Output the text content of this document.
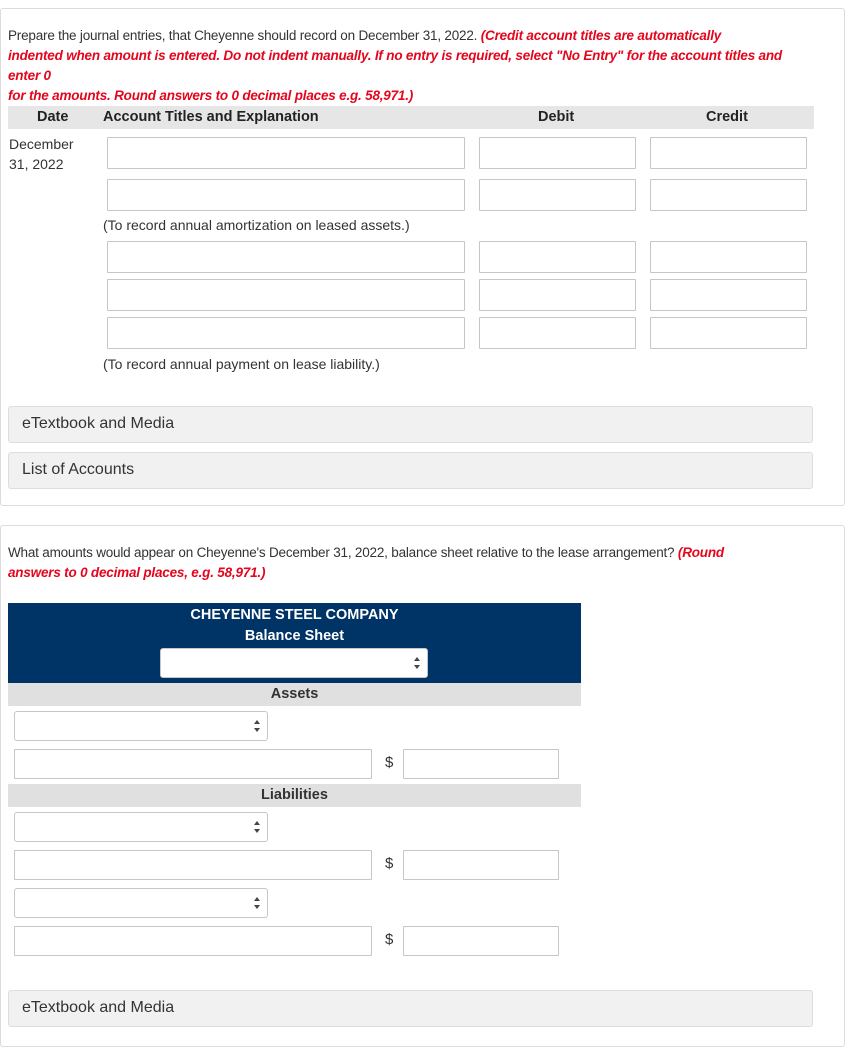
Prepare the journal entries, that Cheyenne should record on December 31, 2022. (Credit account titles are automatically
indented when amount is entered. Do not indent manually. If no entry is required, select "No Entry" for the account titles and enter 0
for the amounts. Round answers to 0 decimal places e.g. 58,971.)
Date Account Titles and Explanation	Debit	Credit
December
31, 2022
(To record annual amortization on leased assets.)
(To record annual payment on lease liability.)
eTextbook and Media
List of Accounts
What amounts would appear on Cheyenne's December 31, 2022, balance sheet relative to the lease arrangement? (Round
answers to 0 decimal places, e.g. 58,971.)
CHEYENNE STEEL COMPANY
Balance Sheet
Assets
$
Liabilities
$
$
eTextbook and Media
